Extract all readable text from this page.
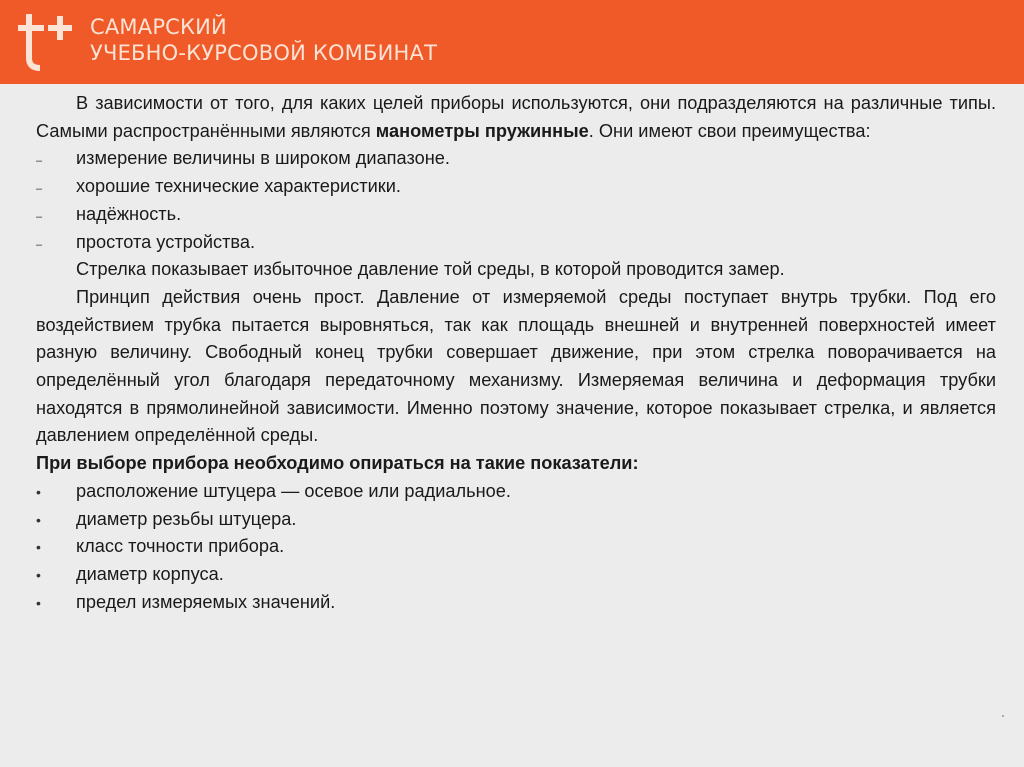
САМАРСКИЙ
УЧЕБНО-КУРСОВОЙ КОМБИНАТ

В зависимости от того, для каких целей приборы используются, они подразделяются на различные типы. Самыми распространёнными являются манометры пружинные. Они имеют свои преимущества:

–	измерение величины в широком диапазоне.
–	хорошие технические характеристики.
–	надёжность.
–	простота устройства.

Стрелка показывает избыточное давление той среды, в которой проводится замер.

Принцип действия очень прост. Давление от измеряемой среды поступает внутрь трубки. Под его воздействием трубка пытается выровняться, так как площадь внешней и внутренней поверхностей имеет разную величину. Свободный конец трубки совершает движение, при этом стрелка поворачивается на определённый угол благодаря передаточному механизму. Измеряемая величина и деформация трубки находятся в прямолинейной зависимости. Именно поэтому значение, которое показывает стрелка, и является давлением определённой среды.

При выборе прибора необходимо опираться на такие показатели:

•	расположение штуцера — осевое или радиальное.
•	диаметр резьбы штуцера.
•	класс точности прибора.
•	диаметр корпуса.
•	предел измеряемых значений.
